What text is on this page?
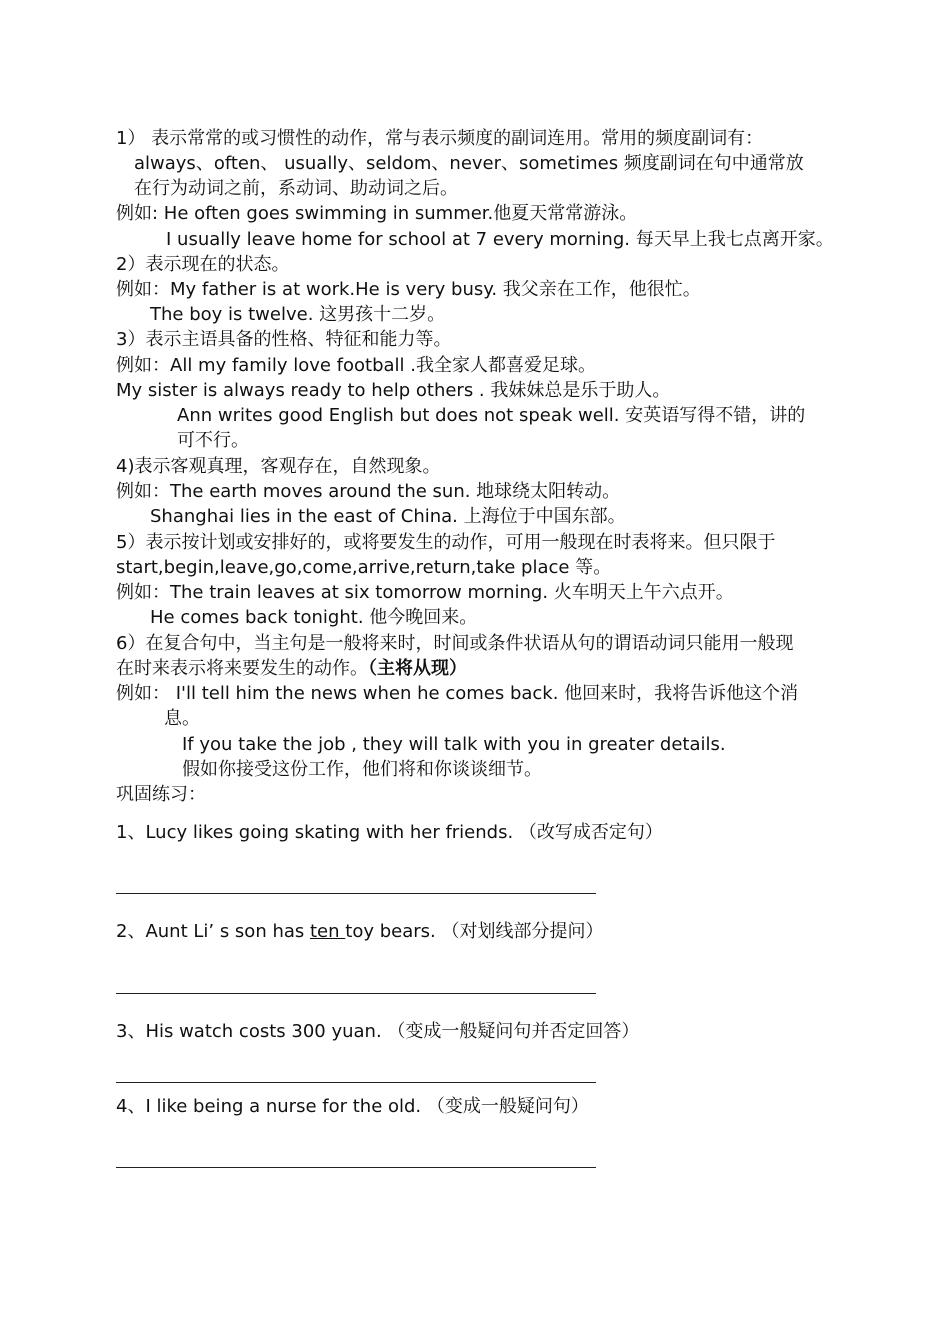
1） 表示常常的或习惯性的动作，常与表示频度的副词连用。常用的频度副词有：
always、often、 usually、seldom、never、sometimes 频度副词在句中通常放
在行为动词之前，系动词、助动词之后。
例如: He often goes swimming in summer.他夏天常常游泳。
I usually leave home for school at 7 every morning. 每天早上我七点离开家。
2）表示现在的状态。
例如：My father is at work.He is very busy. 我父亲在工作，他很忙。
The boy is twelve. 这男孩十二岁。
3）表示主语具备的性格、特征和能力等。
例如：All my family love football .我全家人都喜爱足球。
My sister is always ready to help others . 我妹妹总是乐于助人。
Ann writes good English but does not speak well. 安英语写得不错，讲的
可不行。
4)表示客观真理，客观存在，自然现象。
例如：The earth moves around the sun. 地球绕太阳转动。
Shanghai lies in the east of China. 上海位于中国东部。
5）表示按计划或安排好的，或将要发生的动作，可用一般现在时表将来。但只限于
start,begin,leave,go,come,arrive,return,take place 等。
例如：The train leaves at six tomorrow morning. 火车明天上午六点开。
He comes back tonight. 他今晚回来。
6）在复合句中，当主句是一般将来时，时间或条件状语从句的谓语动词只能用一般现
在时来表示将来要发生的动作。（主将从现）
例如： I'll tell him the news when he comes back. 他回来时，我将告诉他这个消
息。
If you take the job , they will talk with you in greater details.
假如你接受这份工作，他们将和你谈谈细节。
巩固练习：
1、Lucy likes going skating with her friends. （改写成否定句）
2、Aunt Li’ s son has ten toy bears. （对划线部分提问）
3、His watch costs 300 yuan. （变成一般疑问句并否定回答）
4、I like being a nurse for the old. （变成一般疑问句）
